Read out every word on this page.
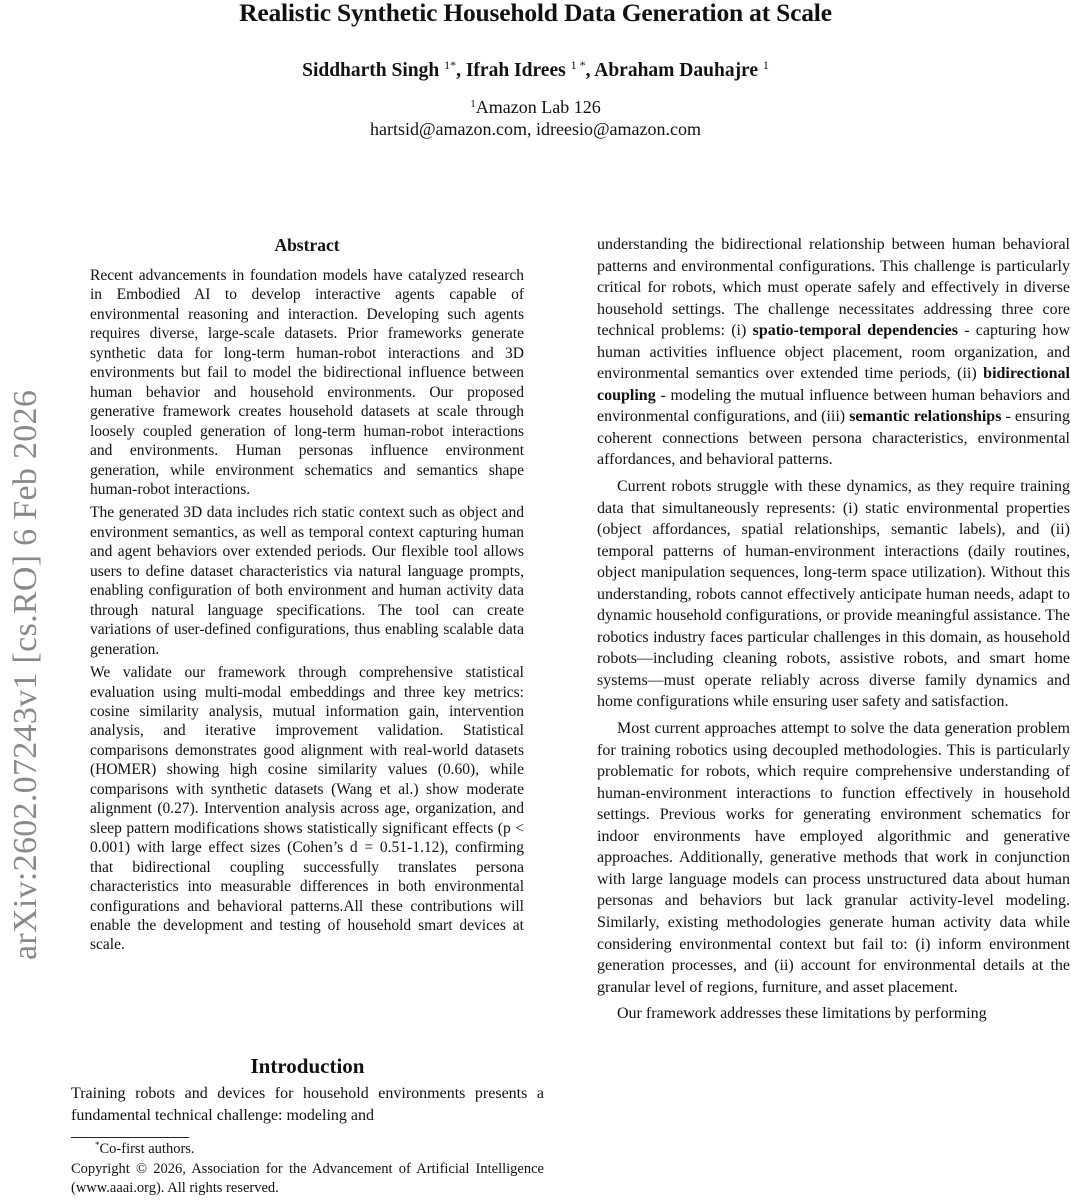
Realistic Synthetic Household Data Generation at Scale
Siddharth Singh $^{1*}$, Ifrah Idrees $^{1 *}$, Abraham Dauhajre $^1$
$^1$Amazon Lab 126
hartsid@amazon.com, idreesio@amazon.com
arXiv:2602.07243v1 [cs.RO] 6 Feb 2026
Abstract

Recent advancements in foundation models have catalyzed research in Embodied AI to develop interactive agents capable of environmental reasoning and interaction. Developing such agents requires diverse, large-scale datasets. Prior frameworks generate synthetic data for long-term human-robot interactions and 3D environments but fail to model the bidirectional influence between human behavior and household environments. Our proposed generative framework creates household datasets at scale through loosely coupled generation of long-term human-robot interactions and environments. Human personas influence environment generation, while environment schematics and semantics shape human-robot interactions.

The generated 3D data includes rich static context such as object and environment semantics, as well as temporal context capturing human and agent behaviors over extended periods. Our flexible tool allows users to define dataset characteristics via natural language prompts, enabling configuration of both environment and human activity data through natural language specifications. The tool can create variations of user-defined configurations, thus enabling scalable data generation.

We validate our framework through comprehensive statistical evaluation using multi-modal embeddings and three key metrics: cosine similarity analysis, mutual information gain, intervention analysis, and iterative improvement validation. Statistical comparisons demonstrates good alignment with real-world datasets (HOMER) showing high cosine similarity values (0.60), while comparisons with synthetic datasets (Wang et al.) show moderate alignment (0.27). Intervention analysis across age, organization, and sleep pattern modifications shows statistically significant effects (p < 0.001) with large effect sizes (Cohen’s d = 0.51-1.12), confirming that bidirectional coupling successfully translates persona characteristics into measurable differences in both environmental configurations and behavioral patterns.All these contributions will enable the development and testing of household smart devices at scale.

Introduction

Training robots and devices for household environments presents a fundamental technical challenge: modeling and

*Co-first authors.

Copyright © 2026, Association for the Advancement of Artificial Intelligence (www.aaai.org). All rights reserved.

understanding the bidirectional relationship between human behavioral patterns and environmental configurations. This challenge is particularly critical for robots, which must operate safely and effectively in diverse household settings. The challenge necessitates addressing three core technical problems: (i) spatio-temporal dependencies - capturing how human activities influence object placement, room organization, and environmental semantics over extended time periods, (ii) bidirectional coupling - modeling the mutual influence between human behaviors and environmental configurations, and (iii) semantic relationships - ensuring coherent connections between persona characteristics, environmental affordances, and behavioral patterns.

Current robots struggle with these dynamics, as they require training data that simultaneously represents: (i) static environmental properties (object affordances, spatial relationships, semantic labels), and (ii) temporal patterns of human-environment interactions (daily routines, object manipulation sequences, long-term space utilization). Without this understanding, robots cannot effectively anticipate human needs, adapt to dynamic household configurations, or provide meaningful assistance. The robotics industry faces particular challenges in this domain, as household robots—including cleaning robots, assistive robots, and smart home systems—must operate reliably across diverse family dynamics and home configurations while ensuring user safety and satisfaction.

Most current approaches attempt to solve the data generation problem for training robotics using decoupled methodologies. This is particularly problematic for robots, which require comprehensive understanding of human-environment interactions to function effectively in household settings. Previous works for generating environment schematics for indoor environments have employed algorithmic and generative approaches. Additionally, generative methods that work in conjunction with large language models can process unstructured data about human personas and behaviors but lack granular activity-level modeling. Similarly, existing methodologies generate human activity data while considering environmental context but fail to: (i) inform environment generation processes, and (ii) account for environmental details at the granular level of regions, furniture, and asset placement.

Our framework addresses these limitations by performing
